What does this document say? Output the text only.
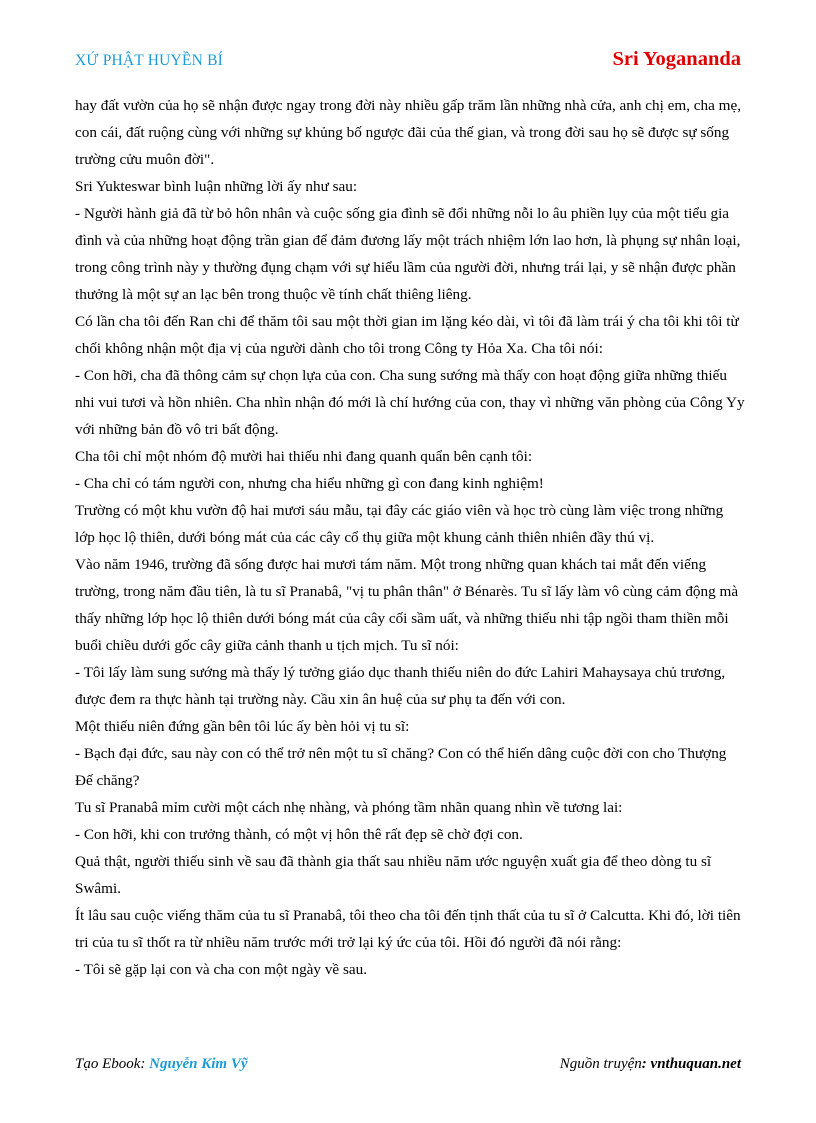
XỨ PHẬT HUYỀN BÍ	Sri Yogananda

hay đất vườn của họ sẽ nhận được ngay trong đời này nhiều gấp trăm lần những nhà cửa, anh chị em, cha mẹ, con cái, đất ruộng cùng với những sự khủng bố ngược đãi của thế gian, và trong đời sau họ sẽ được sự sống trường cửu muôn đời".

Sri Yukteswar bình luận những lời ấy như sau:

- Người hành giả đã từ bỏ hôn nhân và cuộc sống gia đình sẽ đổi những nỗi lo âu phiền lụy của một tiểu gia đình và của những hoạt động trần gian để đảm đương lấy một trách nhiệm lớn lao hơn, là phụng sự nhân loại, trong công trình này y thường đụng chạm với sự hiểu lầm của người đời, nhưng trái lại, y sẽ nhận được phần thưởng là một sự an lạc bên trong thuộc về tính chất thiêng liêng.

Có lần cha tôi đến Ran chi để thăm tôi sau một thời gian im lặng kéo dài, vì tôi đã làm trái ý cha tôi khi tôi từ chối không nhận một địa vị của người dành cho tôi trong Công ty Hỏa Xa. Cha tôi nói:

- Con hỡi, cha đã thông cảm sự chọn lựa của con. Cha sung sướng mà thấy con hoạt động giữa những thiếu nhi vui tươi và hồn nhiên. Cha nhìn nhận đó mới là chí hướng của con, thay vì những văn phòng của Công Yy với những bản đồ vô tri bất động.

Cha tôi chỉ một nhóm độ mười hai thiếu nhi đang quanh quẩn bên cạnh tôi:

- Cha chỉ có tám người con, nhưng cha hiểu những gì con đang kinh nghiệm!

Trường có một khu vườn độ hai mươi sáu mẫu, tại đây các giáo viên và học trò cùng làm việc trong những lớp học lộ thiên, dưới bóng mát của các cây cổ thụ giữa một khung cảnh thiên nhiên đầy thú vị.

Vào năm 1946, trường đã sống được hai mươi tám năm. Một trong những quan khách tai mắt đến viếng trường, trong năm đầu tiên, là tu sĩ Pranabâ, "vị tu phân thân" ở Bénarès. Tu sĩ lấy làm vô cùng cảm động mà thấy những lớp học lộ thiên dưới bóng mát của cây cối sầm uất, và những thiếu nhi tập ngồi tham thiền mỗi buổi chiều dưới gốc cây giữa cảnh thanh u tịch mịch. Tu sĩ nói:

- Tôi lấy làm sung sướng mà thấy lý tưởng giáo dục thanh thiếu niên do đức Lahiri Mahaysaya chủ trương, được đem ra thực hành tại trường này. Cầu xin ân huệ của sư phụ ta đến với con.

Một thiếu niên đứng gần bên tôi lúc ấy bèn hỏi vị tu sĩ:

- Bạch đại đức, sau này con có thể trở nên một tu sĩ chăng? Con có thể hiến dâng cuộc đời con cho Thượng Đế chăng?

Tu sĩ Pranabâ mỉm cười một cách nhẹ nhàng, và phóng tầm nhãn quang nhìn về tương lai:

- Con hỡi, khi con trưởng thành, có một vị hôn thê rất đẹp sẽ chờ đợi con.

Quả thật, người thiếu sinh về sau đã thành gia thất sau nhiều năm ước nguyện xuất gia để theo dòng tu sĩ Swâmi.

Ít lâu sau cuộc viếng thăm của tu sĩ Pranabâ, tôi theo cha tôi đến tịnh thất của tu sĩ ở Calcutta. Khi đó, lời tiên tri của tu sĩ thốt ra từ nhiều năm trước mới trở lại ký ức của tôi. Hồi đó người đã nói rằng:

- Tôi sẽ gặp lại con và cha con một ngày về sau.

Tạo Ebook: Nguyễn Kim Vỹ	Nguồn truyện: vnthuquan.net
